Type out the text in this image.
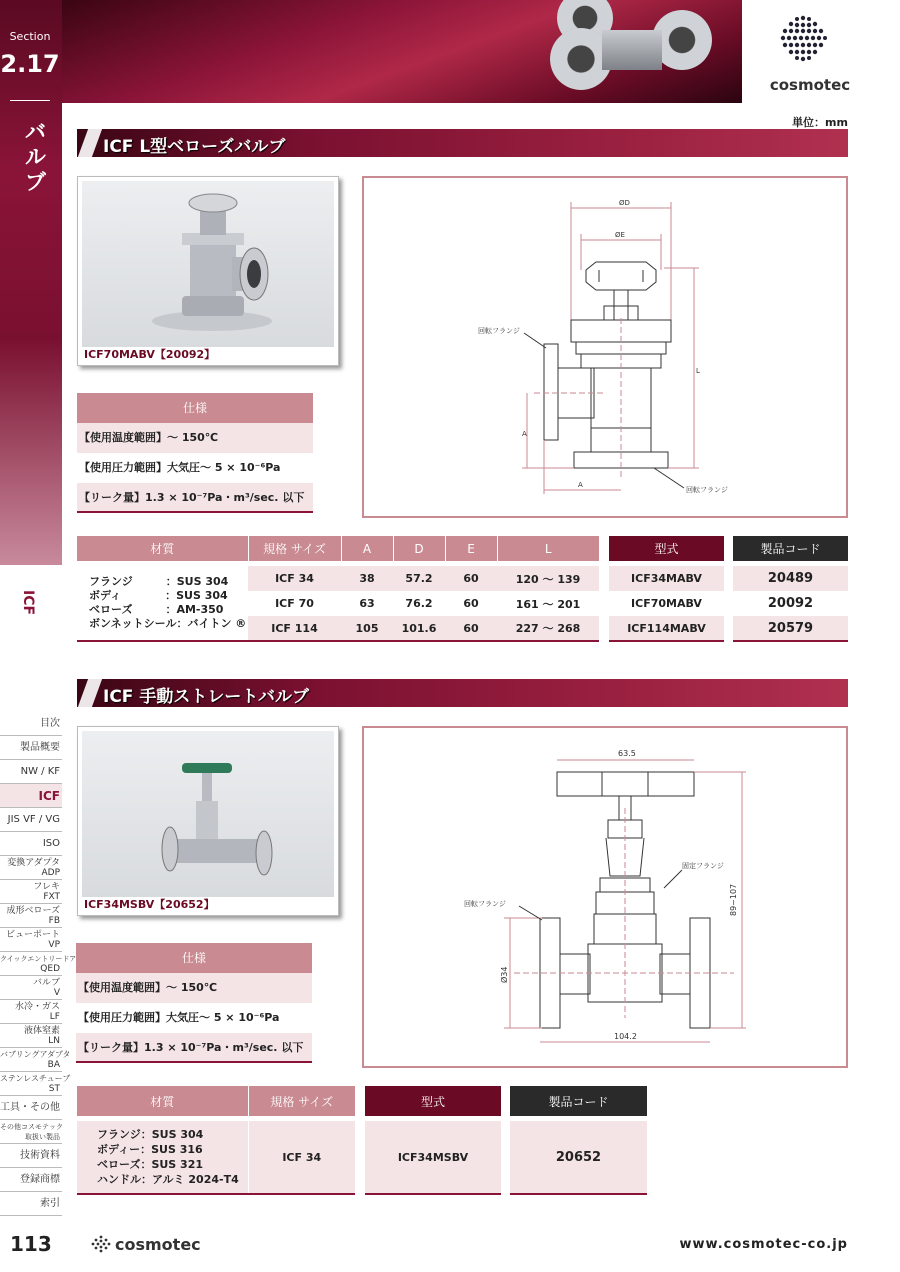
Section
2.17
バルブ
ICF
cosmotec
単位：mm
ICF L型ベローズバルブ
ICF70MABV【20092】
仕様
【使用温度範囲】～ 150℃
【使用圧力範囲】大気圧～ 5 × 10⁻⁶Pa
【リーク量】1.3 × 10⁻⁷Pa・m³/sec. 以下
ØD
ØE
L
A
A
回転フランジ
回転フランジ
材質	規格 サイズ	A	D	E	L

フランジ　　　：SUS 304
ボディ　　　　：SUS 304
ベローズ　　　：AM-350
ボンネットシール：バイトン ®	ICF 34	38	57.2	60	120 ～ 139
	ICF 70	63	76.2	60	161 ～ 201
	ICF 114	105	101.6	60	227 ～ 268
型式

ICF34MABV
ICF70MABV
ICF114MABV
製品コード

20489
20092
20579
ICF 手動ストレートバルブ
ICF34MSBV【20652】
仕様
【使用温度範囲】～ 150℃
【使用圧力範囲】大気圧～ 5 × 10⁻⁶Pa
【リーク量】1.3 × 10⁻⁷Pa・m³/sec. 以下
63.5
89~107
Ø34
104.2
回転フランジ
固定フランジ
材質	規格 サイズ

フランジ：SUS 304
ボディー：SUS 316
ベローズ：SUS 321
ハンドル：アルミ 2024-T4	ICF 34
型式

ICF34MSBV
製品コード

20652
目次
製品概要
NW / KF
ICF
JIS VF / VG
ISO
変換アダプタ
ADP
フレキ
FXT
成形ベローズ
FB
ビューポート
VP
クイックエントリードア
QED
バルブ
V
水冷・ガス
LF
液体窒素
LN
バブリングアダプタ
BA
ステンレスチューブ
ST
工具・その他
その他コスモテック
取扱い製品
技術資料
登録商標
索引
113	cosmotec	www.cosmotec-co.jp
